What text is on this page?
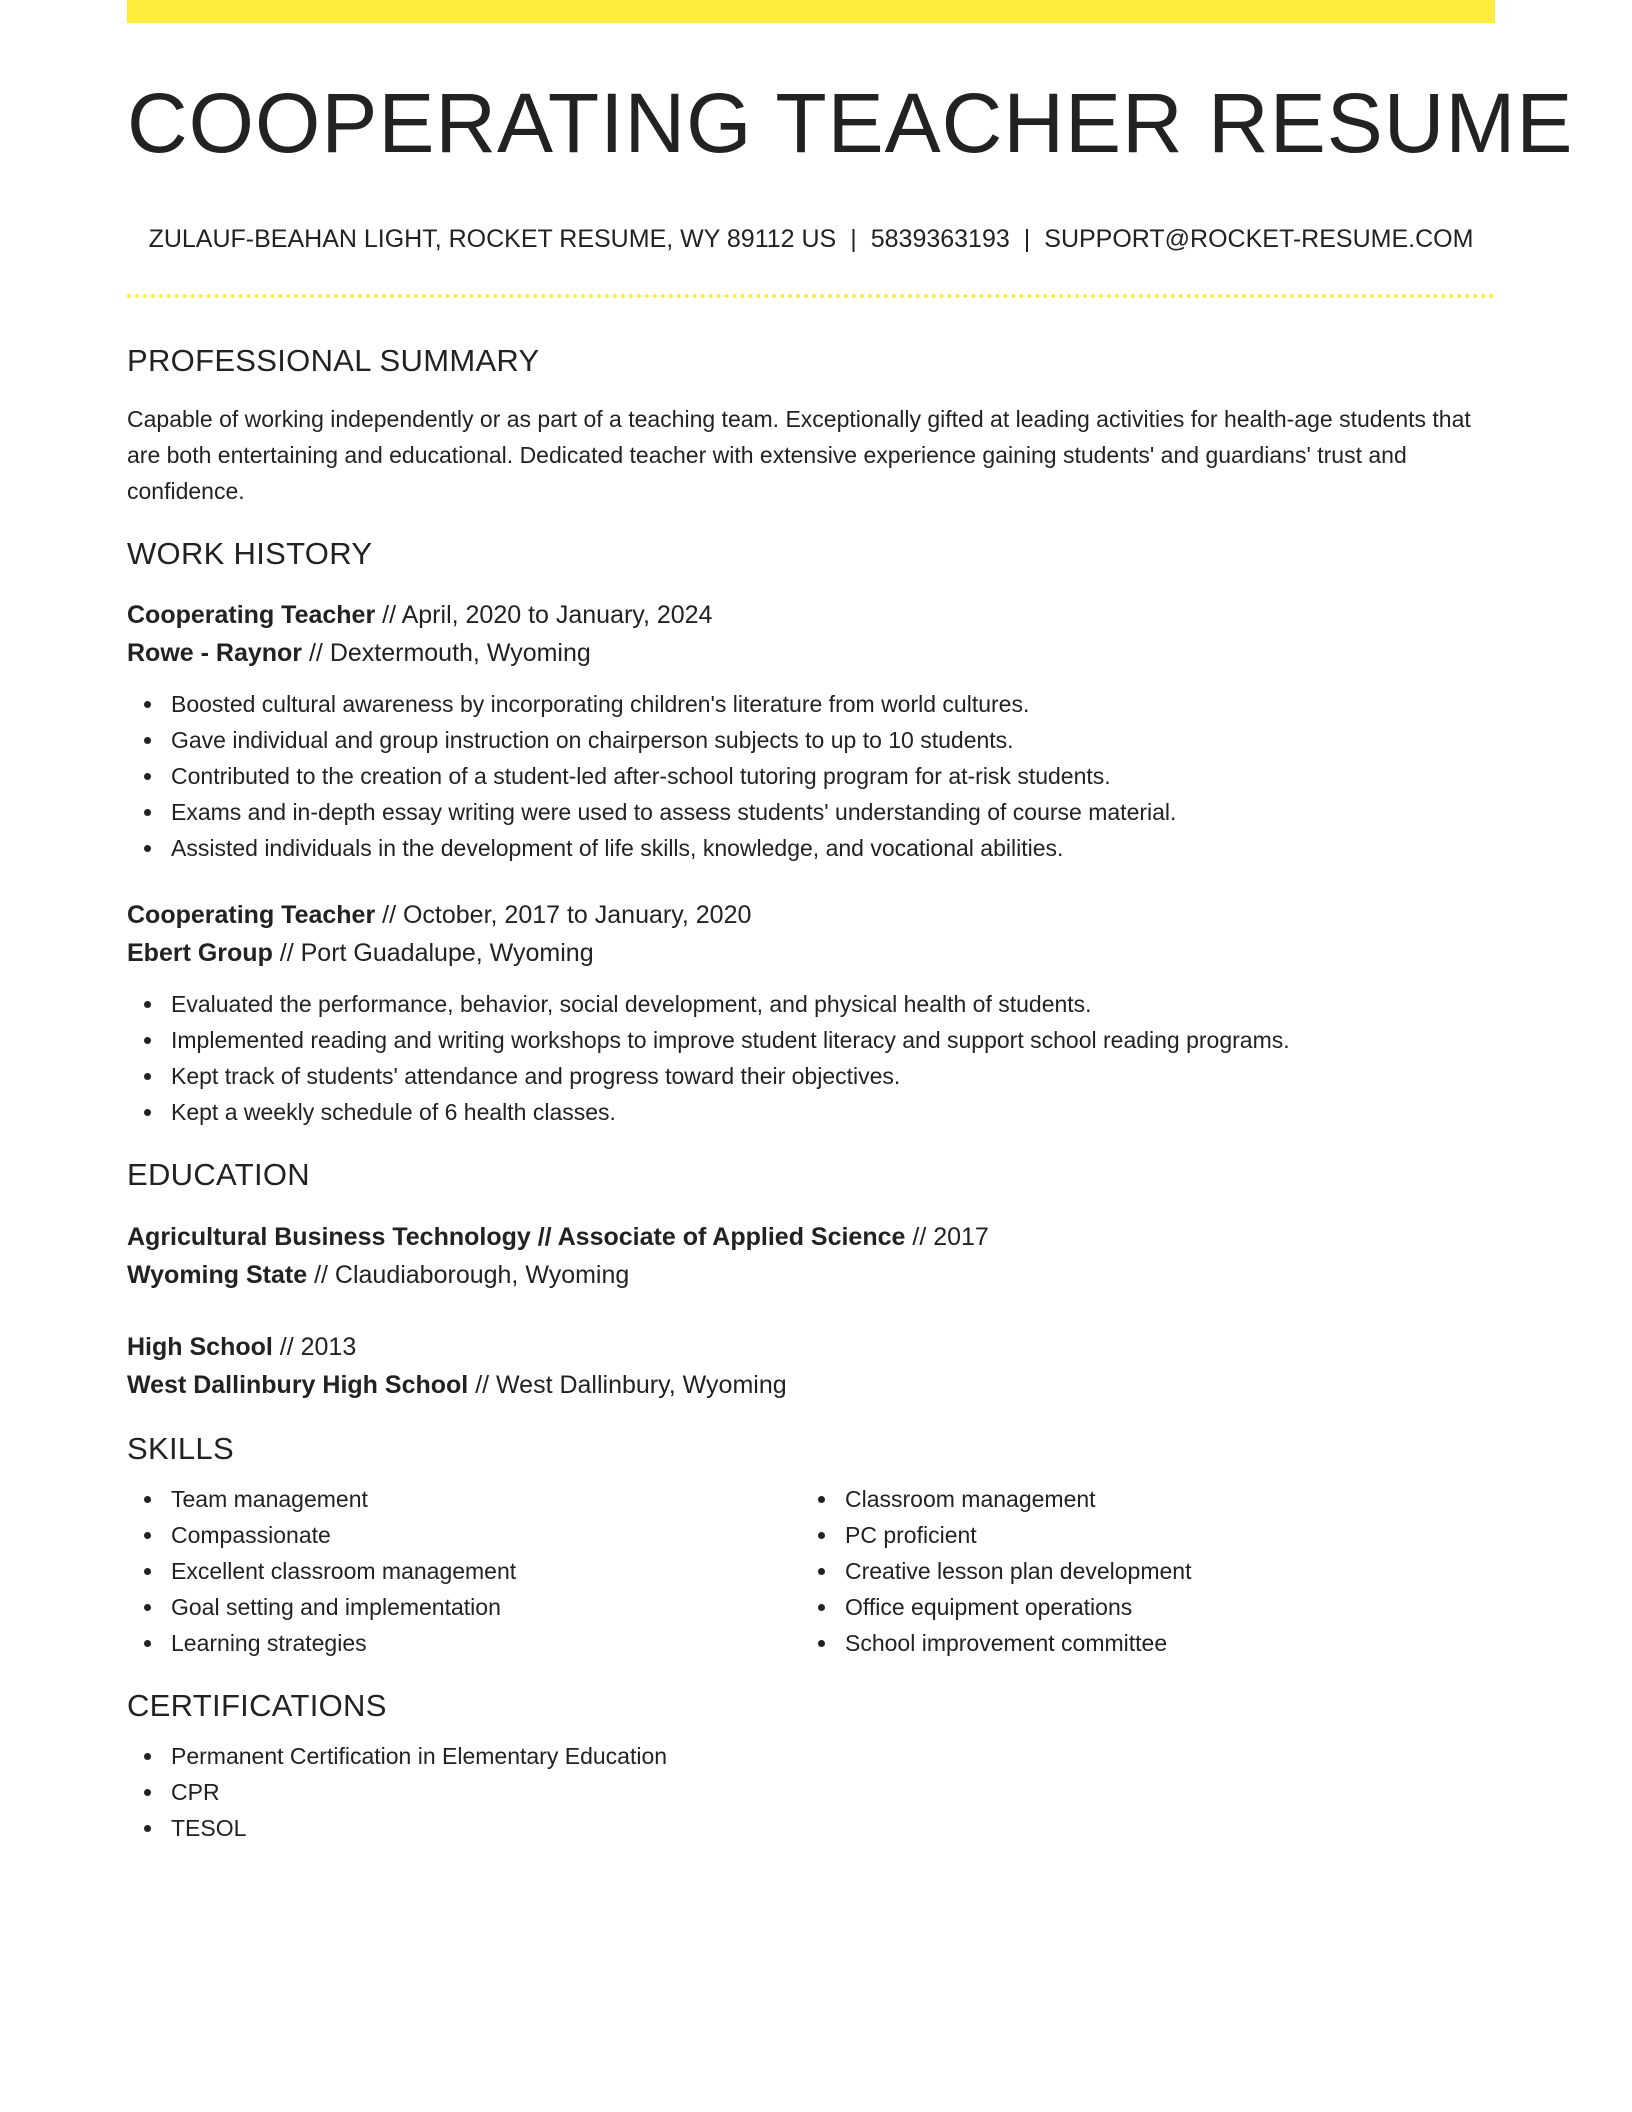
COOPERATING TEACHER RESUME
ZULAUF-BEAHAN LIGHT, ROCKET RESUME, WY 89112 US | 5839363193 | SUPPORT@ROCKET-RESUME.COM
PROFESSIONAL SUMMARY

Capable of working independently or as part of a teaching team. Exceptionally gifted at leading activities for health-age students that are both entertaining and educational. Dedicated teacher with extensive experience gaining students' and guardians' trust and confidence.

WORK HISTORY
Cooperating Teacher // April, 2020 to January, 2024
Rowe - Raynor // Dextermouth, Wyoming
Boosted cultural awareness by incorporating children's literature from world cultures.
Gave individual and group instruction on chairperson subjects to up to 10 students.
Contributed to the creation of a student-led after-school tutoring program for at-risk students.
Exams and in-depth essay writing were used to assess students' understanding of course material.
Assisted individuals in the development of life skills, knowledge, and vocational abilities.
Cooperating Teacher // October, 2017 to January, 2020
Ebert Group // Port Guadalupe, Wyoming
Evaluated the performance, behavior, social development, and physical health of students.
Implemented reading and writing workshops to improve student literacy and support school reading programs.
Kept track of students' attendance and progress toward their objectives.
Kept a weekly schedule of 6 health classes.
EDUCATION
Agricultural Business Technology // Associate of Applied Science // 2017
Wyoming State // Claudiaborough, Wyoming
High School // 2013
West Dallinbury High School // West Dallinbury, Wyoming
SKILLS
Team management
Compassionate
Excellent classroom management
Goal setting and implementation
Learning strategies
Classroom management
PC proficient
Creative lesson plan development
Office equipment operations
School improvement committee
CERTIFICATIONS
Permanent Certification in Elementary Education
CPR
TESOL
